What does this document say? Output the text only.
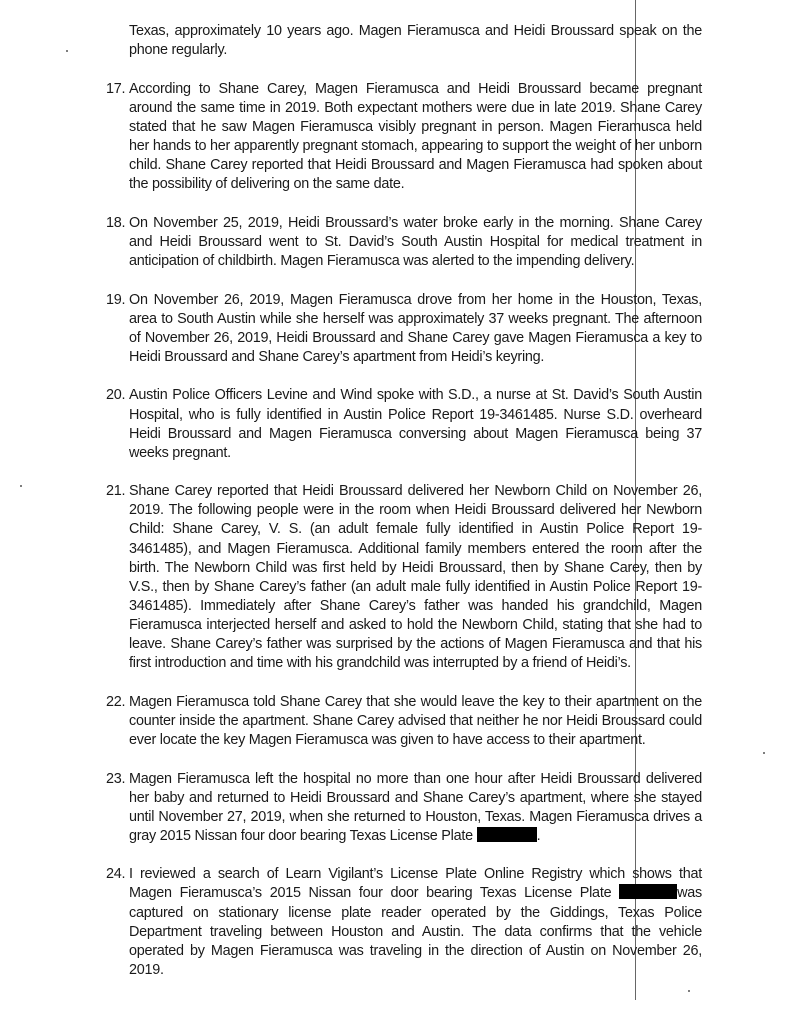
Texas, approximately 10 years ago. Magen Fieramusca and Heidi Broussard speak on the phone regularly.

17. According to Shane Carey, Magen Fieramusca and Heidi Broussard became pregnant around the same time in 2019. Both expectant mothers were due in late 2019. Shane Carey stated that he saw Magen Fieramusca visibly pregnant in person. Magen Fieramusca held her hands to her apparently pregnant stomach, appearing to support the weight of her unborn child. Shane Carey reported that Heidi Broussard and Magen Fieramusca had spoken about the possibility of delivering on the same date.

18. On November 25, 2019, Heidi Broussard’s water broke early in the morning. Shane Carey and Heidi Broussard went to St. David’s South Austin Hospital for medical treatment in anticipation of childbirth. Magen Fieramusca was alerted to the impending delivery.

19. On November 26, 2019, Magen Fieramusca drove from her home in the Houston, Texas, area to South Austin while she herself was approximately 37 weeks pregnant. The afternoon of November 26, 2019, Heidi Broussard and Shane Carey gave Magen Fieramusca a key to Heidi Broussard and Shane Carey’s apartment from Heidi’s keyring.

20. Austin Police Officers Levine and Wind spoke with S.D., a nurse at St. David’s South Austin Hospital, who is fully identified in Austin Police Report 19-3461485. Nurse S.D. overheard Heidi Broussard and Magen Fieramusca conversing about Magen Fieramusca being 37 weeks pregnant.

21. Shane Carey reported that Heidi Broussard delivered her Newborn Child on November 26, 2019. The following people were in the room when Heidi Broussard delivered her Newborn Child: Shane Carey, V. S. (an adult female fully identified in Austin Police Report 19-3461485), and Magen Fieramusca. Additional family members entered the room after the birth. The Newborn Child was first held by Heidi Broussard, then by Shane Carey, then by V.S., then by Shane Carey’s father (an adult male fully identified in Austin Police Report 19-3461485). Immediately after Shane Carey’s father was handed his grandchild, Magen Fieramusca interjected herself and asked to hold the Newborn Child, stating that she had to leave. Shane Carey’s father was surprised by the actions of Magen Fieramusca and that his first introduction and time with his grandchild was interrupted by a friend of Heidi’s.

22. Magen Fieramusca told Shane Carey that she would leave the key to their apartment on the counter inside the apartment. Shane Carey advised that neither he nor Heidi Broussard could ever locate the key Magen Fieramusca was given to have access to their apartment.

23. Magen Fieramusca left the hospital no more than one hour after Heidi Broussard delivered her baby and returned to Heidi Broussard and Shane Carey’s apartment, where she stayed until November 27, 2019, when she returned to Houston, Texas. Magen Fieramusca drives a gray 2015 Nissan four door bearing Texas License Plate	.

24. I reviewed a search of Learn Vigilant’s License Plate Online Registry which shows that Magen Fieramusca’s 2015 Nissan four door bearing Texas License Plate	was captured on stationary license plate reader operated by the Giddings, Texas Police Department traveling between Houston and Austin. The data confirms that the vehicle operated by Magen Fieramusca was traveling in the direction of Austin on November 26, 2019.
